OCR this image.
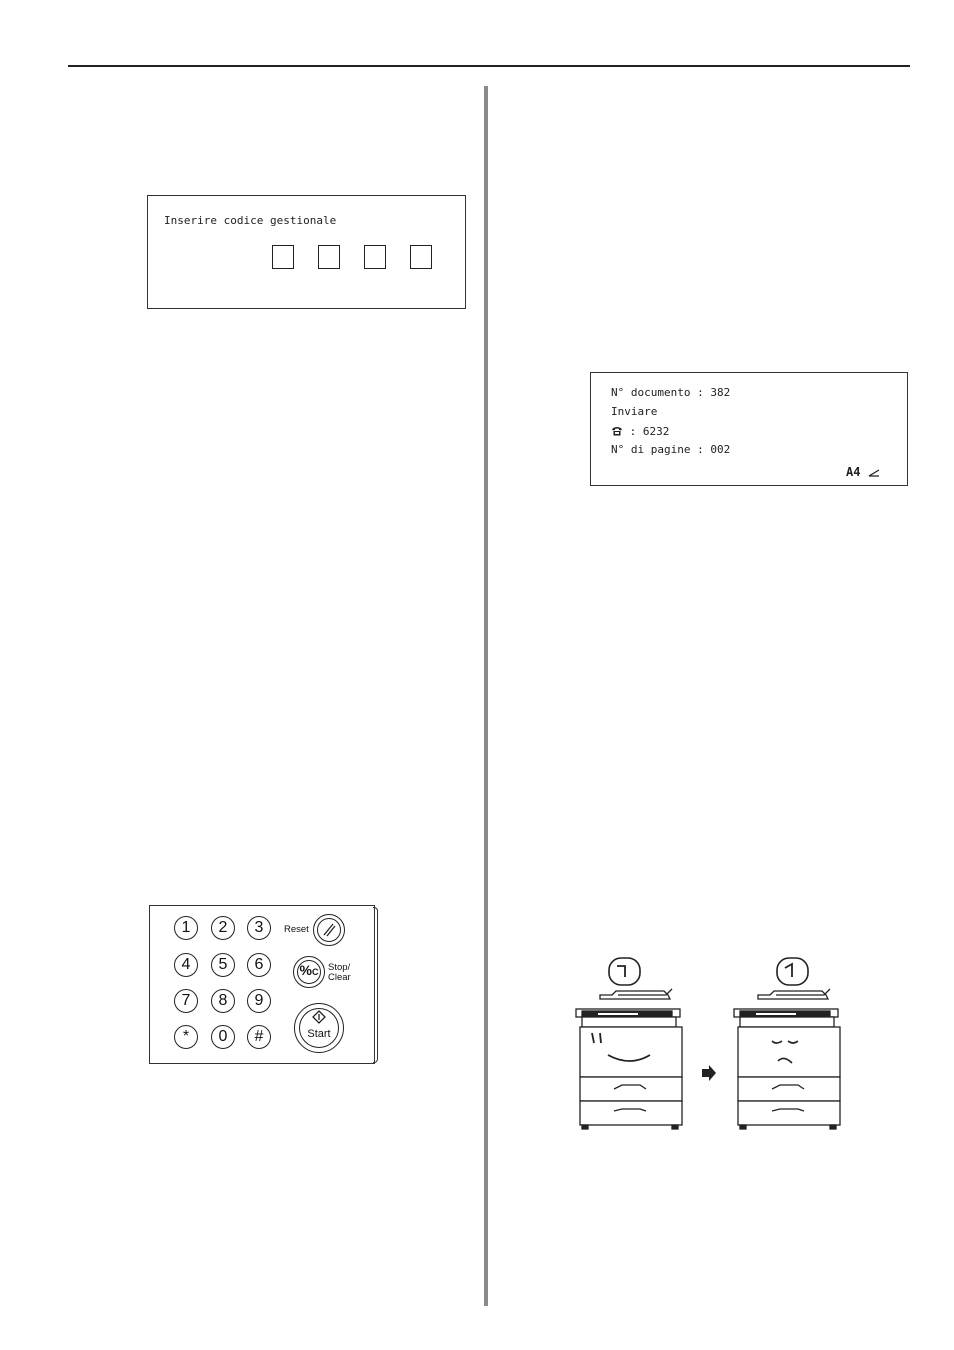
Inserire codice gestionale
N° documento : 382
Inviare
: 6232
N° di pagine : 002
A4
1	2	3
4	5	6
7	8	9
*	0	#
Reset
%C	Stop/
Clear
Start
